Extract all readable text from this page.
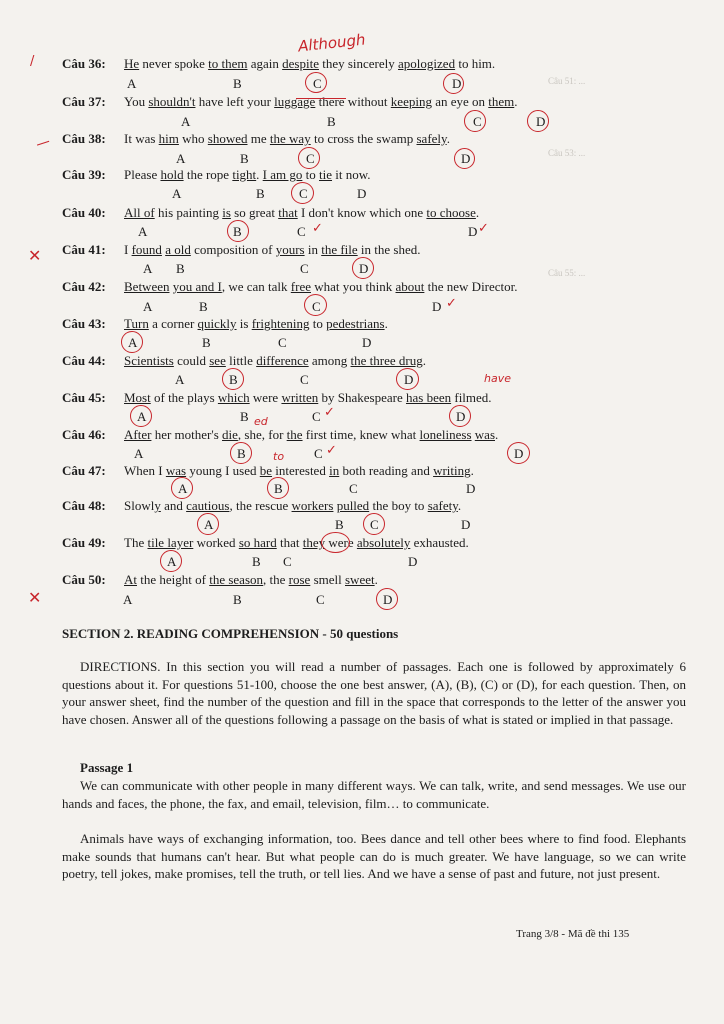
Câu 51: ...
Câu 53: ...
Câu 55: ...
Câu 36: He never spoke to them again despite they sincerely apologized to him.
A	B	C	D
Câu 37: You shouldn't have left your luggage there without keeping an eye on them.
A	B	C	D
Câu 38: It was him who showed me the way to cross the swamp safely.
A	B	C	D
Câu 39: Please hold the rope tight. I am go to tie it now.
A	B	C	D
Câu 40: All of his painting is so great that I don't know which one to choose.
A	B	C	D
Câu 41: I found a old composition of yours in the file in the shed.
A B	C	D
Câu 42: Between you and I, we can talk free what you think about the new Director.
A	B	C	D
Câu 43: Turn a corner quickly is frightening to pedestrians.
A	B	C	D
Câu 44: Scientists could see little difference among the three drug.
A	B	C	D
Câu 45: Most of the plays which were written by Shakespeare has been filmed.
A	B	C	D
Câu 46: After her mother's die, she, for the first time, knew what loneliness was.
A	B	C	D
Câu 47: When I was young I used be interested in both reading and writing.
A	B	C	D
Câu 48: Slowly and cautious, the rescue workers pulled the boy to safety.
A	B C	D
Câu 49: The tile layer worked so hard that they were absolutely exhausted.
A	B C	D
Câu 50: At the height of the season, the rose smell sweet.
A	B	C	D
Although
/
—
✕
✕
✓	✓
✓
✓
✓
have
ed
to
SECTION 2. READING COMPREHENSION - 50 questions
DIRECTIONS. In this section you will read a number of passages. Each one is followed by approximately 6 questions about it. For questions 51-100, choose the one best answer, (A), (B), (C) or (D), for each question. Then, on your answer sheet, find the number of the question and fill in the space that corresponds to the letter of the answer you have chosen. Answer all of the questions following a passage on the basis of what is stated or implied in that passage.
Passage 1
We can communicate with other people in many different ways. We can talk, write, and send messages. We use our hands and faces, the phone, the fax, and email, television, film… to communicate.
Animals have ways of exchanging information, too. Bees dance and tell other bees where to find food. Elephants make sounds that humans can't hear. But what people can do is much greater. We have language, so we can write poetry, tell jokes, make promises, tell the truth, or tell lies. And we have a sense of past and future, not just present.
Trang 3/8 - Mã đề thi 135
